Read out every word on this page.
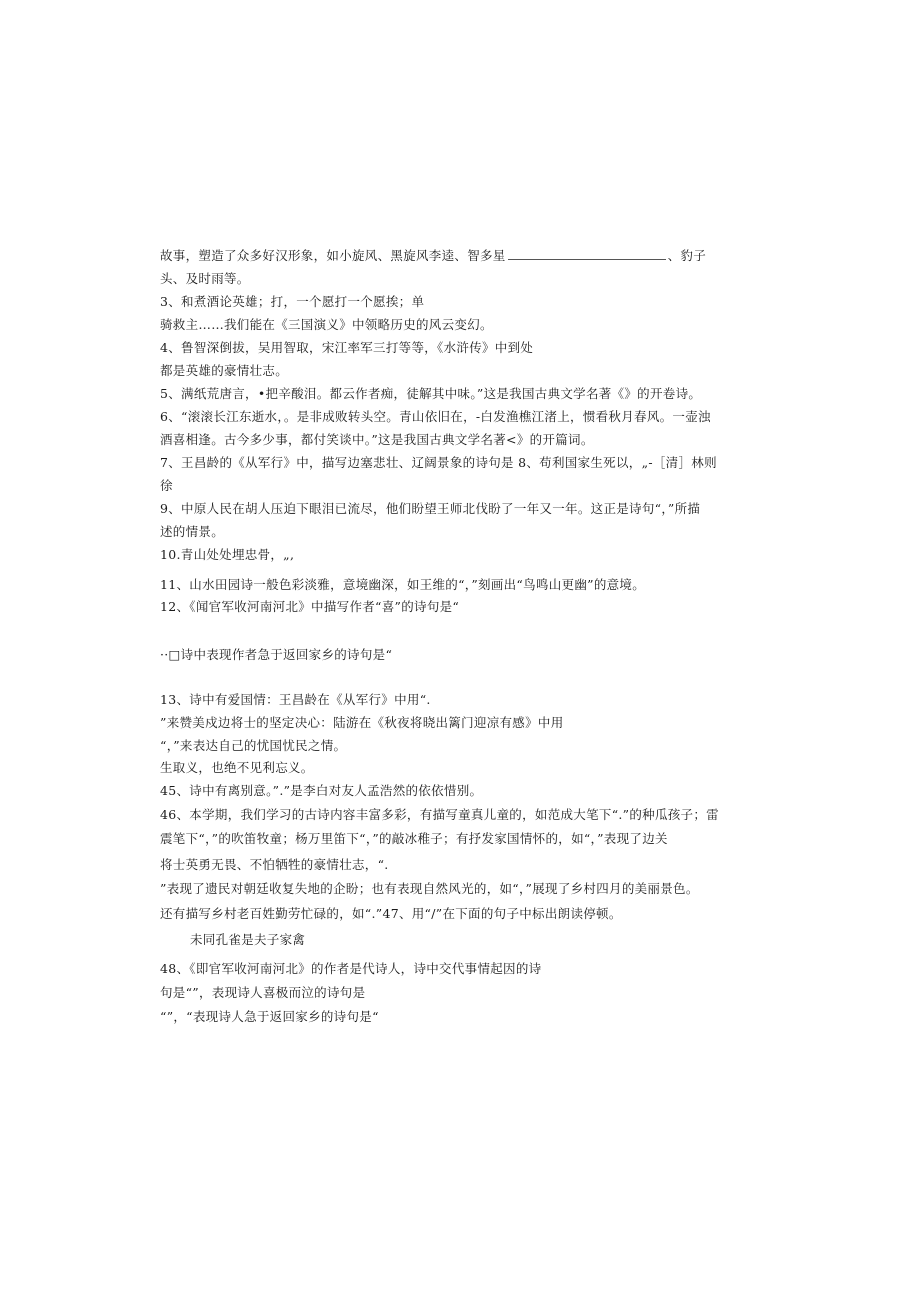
故事，塑造了众多好汉形象，如小旋风、黑旋风李逵、智多星	、豹子
头、及时雨等。
3、和煮酒论英雄；打，一个愿打一个愿挨；单
骑救主……我们能在《三国演义》中领略历史的风云变幻。
4、鲁智深倒拔，吴用智取，宋江率军三打等等，《水浒传》中到处
都是英雄的豪情壮志。
5、满纸荒唐言，•把辛酸泪。都云作者痴，徒解其中味。”这是我国古典文学名著《》的开卷诗。
6、“滚滚长江东逝水，。是非成败转头空。青山依旧在，-白发渔樵江渚上，惯看秋月春风。一壶浊
酒喜相逢。古今多少事，都付笑谈中。”这是我国古典文学名著<》的开篇词。
7、王昌龄的《从军行》中，描写边塞悲壮、辽阔景象的诗句是 8、苟利国家生死以，„-［清］林则
徐
9、中原人民在胡人压迫下眼泪已流尽，他们盼望王师北伐盼了一年又一年。这正是诗句“，”所描
述的情景。
10.青山处处埋忠骨，„,
11、山水田园诗一般色彩淡雅，意境幽深，如王维的“，”刻画出“鸟鸣山更幽”的意境。
12、《闻官军收河南河北》中描写作者“喜”的诗句是“
··□诗中表现作者急于返回家乡的诗句是“
13、诗中有爱国情：王昌龄在《从军行》中用“.
”来赞美戍边将士的坚定决心：陆游在《秋夜将晓出篱门迎凉有感》中用
“，”来表达自己的忧国忧民之情。
生取义，也绝不见利忘义。
45、诗中有离别意。”.”是李白对友人孟浩然的依依惜别。
46、本学期，我们学习的古诗内容丰富多彩，有描写童真儿童的，如范成大笔下“.”的种瓜孩子；雷
震笔下“，”的吹笛牧童；杨万里笛下“，”的敲冰稚子；有抒发家国情怀的，如“，”表现了边关
将士英勇无畏、不怕牺牲的豪情壮志，“.
”表现了遗民对朝廷收复失地的企盼；也有表现自然风光的，如“，”展现了乡村四月的美丽景色。
还有描写乡村老百姓勤劳忙碌的，如“.”47、用“/”在下面的句子中标出朗读停顿。
未同孔雀是夫子家禽
48、《即官军收河南河北》的作者是代诗人，诗中交代事情起因的诗
句是“”，表现诗人喜极而泣的诗句是
“”，“表现诗人急于返回家乡的诗句是“
